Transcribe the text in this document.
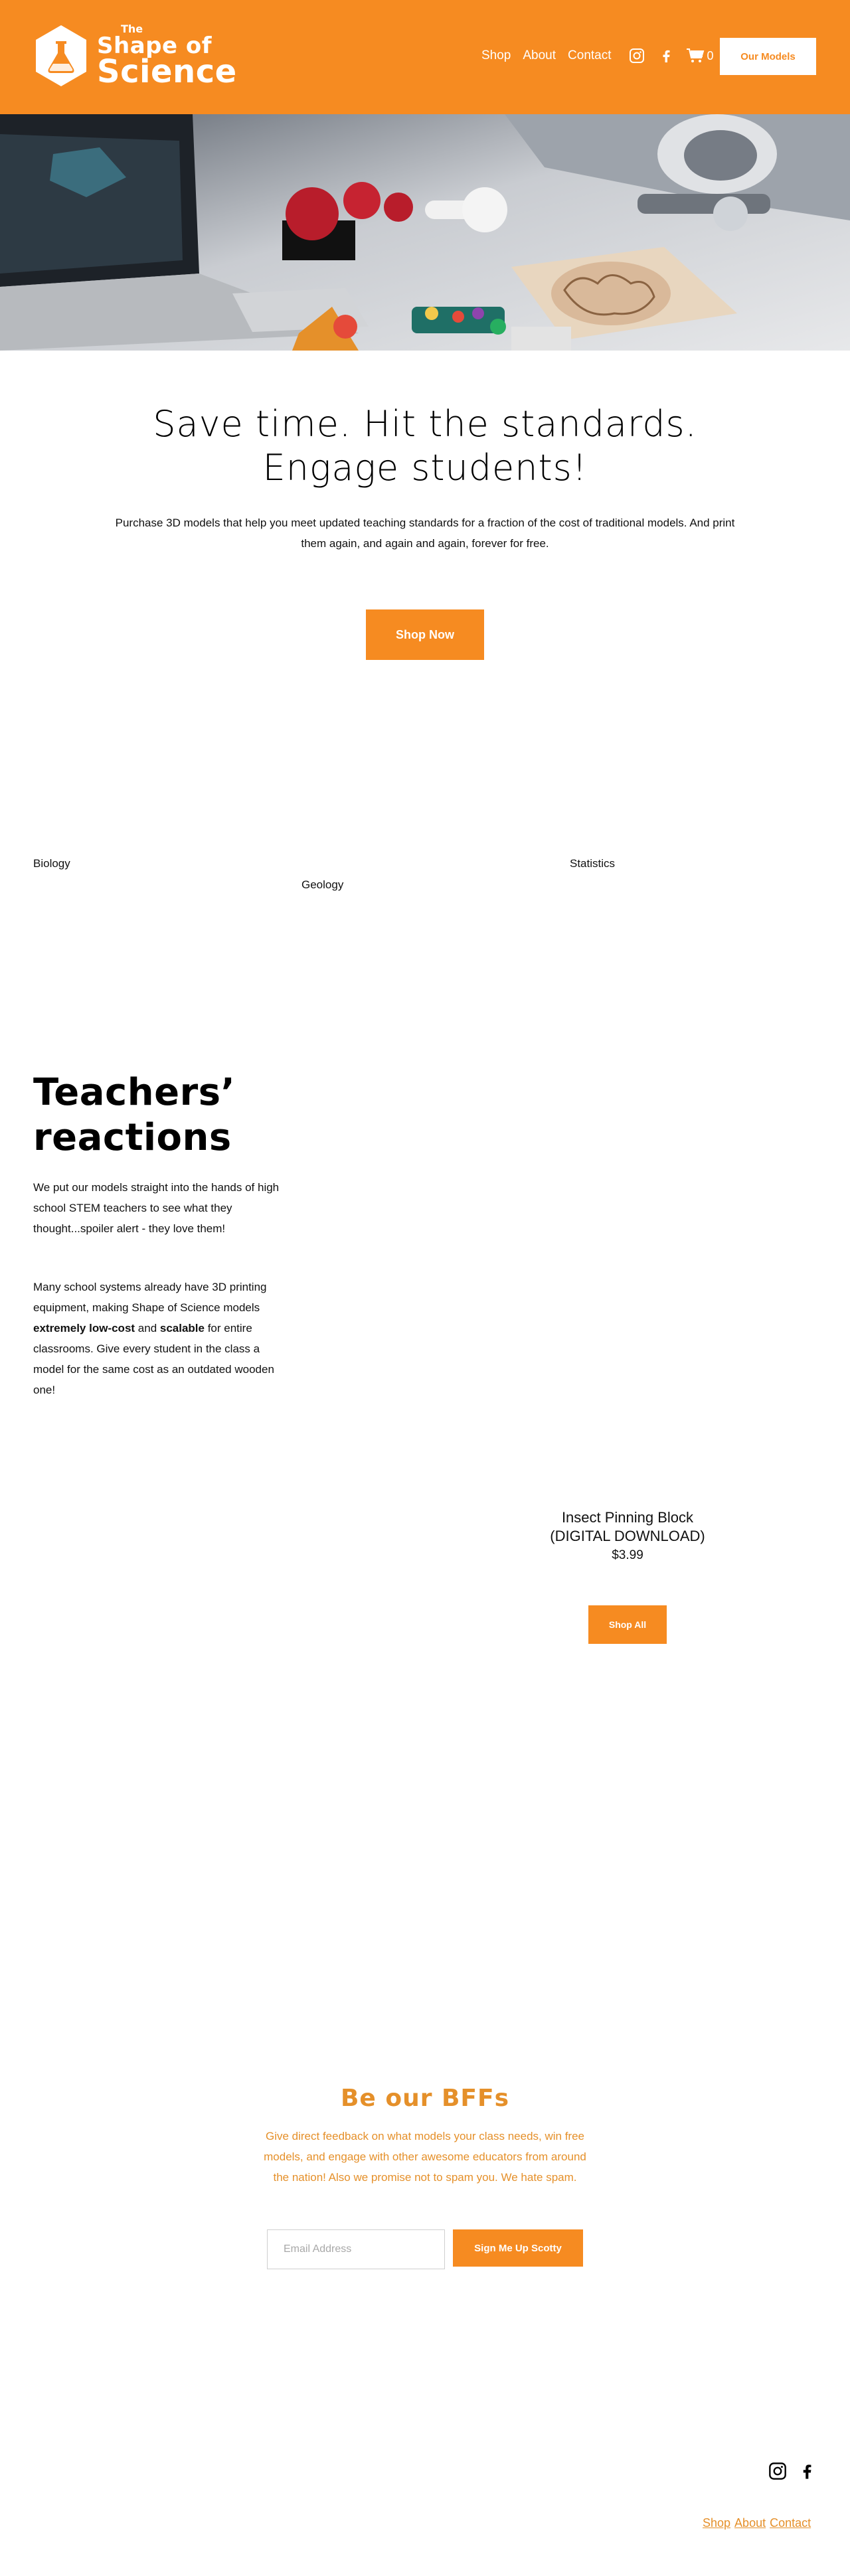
The
Shape of
Science	Shop About Contact	0	Our Models
Save time. Hit the standards.
Engage students!

Purchase 3D models that help you meet updated teaching standards for a fraction of the cost of traditional models. And print them again, and again and again, forever for free.

Shop Now
Biology
Geology
Statistics
Teachers’ reactions

We put our models straight into the hands of high school STEM teachers to see what they thought...spoiler alert - they love them!

Many school systems already have 3D printing equipment, making Shape of Science models extremely low-cost and scalable for entire classrooms. Give every student in the class a model for the same cost as an outdated wooden one!

Insect Pinning Block
(DIGITAL DOWNLOAD)
$3.99
Shop All
Be our BFFs

Give direct feedback on what models your class needs, win free models, and engage with other awesome educators from around the nation! Also we promise not to spam you. We hate spam.

Email Address
Sign Me Up Scotty
Shop About Contact
